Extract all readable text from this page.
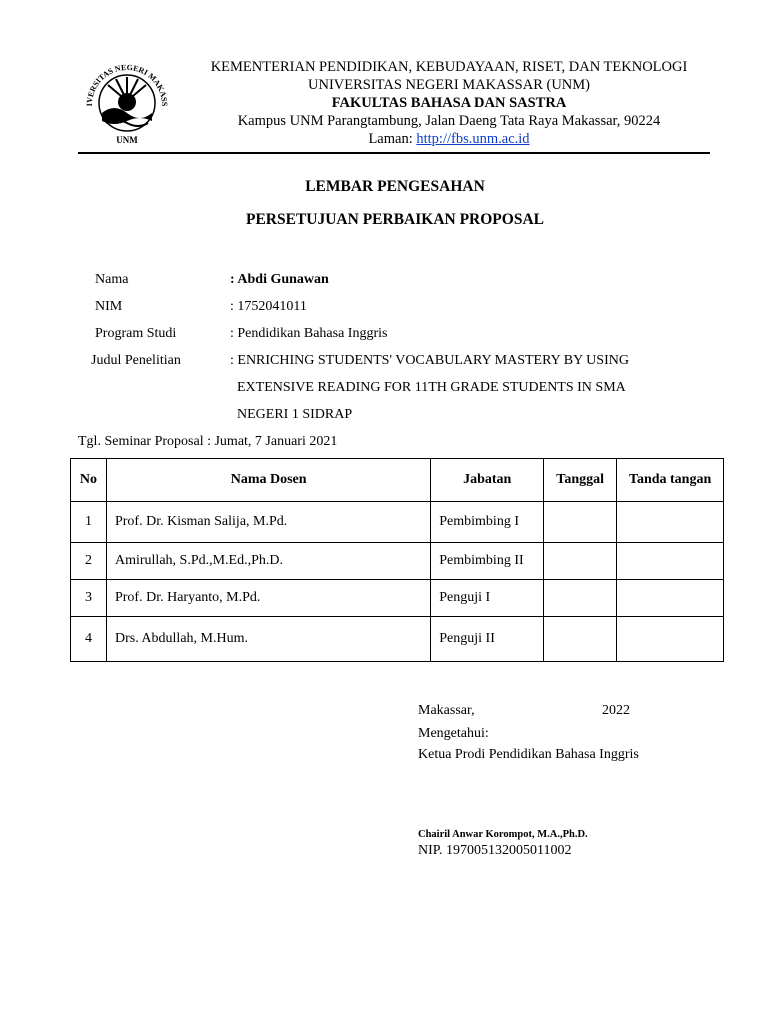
IVERSITAS NEGERI MAKASS
UNM
KEMENTERIAN PENDIDIKAN, KEBUDAYAAN, RISET, DAN TEKNOLOGI
UNIVERSITAS NEGERI MAKASSAR (UNM)
FAKULTAS BAHASA DAN SASTRA
Kampus UNM Parangtambung, Jalan Daeng Tata Raya Makassar, 90224
Laman: http://fbs.unm.ac.id
LEMBAR PENGESAHAN
PERSETUJUAN PERBAIKAN PROPOSAL
Nama	: Abdi Gunawan
NIM	: 1752041011
Program Studi	: Pendidikan Bahasa Inggris
Judul Penelitian	: ENRICHING STUDENTS' VOCABULARY MASTERY BY USING
EXTENSIVE READING FOR 11TH GRADE STUDENTS IN SMA
NEGERI 1 SIDRAP
Tgl. Seminar Proposal : Jumat, 7 Januari 2021
No	Nama Dosen	Jabatan	Tanggal	Tanda tangan
1	Prof. Dr. Kisman Salija, M.Pd.	Pembimbing I		
2	Amirullah, S.Pd.,M.Ed.,Ph.D.	Pembimbing II		
3	Prof. Dr. Haryanto, M.Pd.	Penguji I		
4	Drs. Abdullah, M.Hum.	Penguji II		
Makassar,	2022
Mengetahui:
Ketua Prodi Pendidikan Bahasa Inggris
Chairil Anwar Korompot, M.A.,Ph.D.
NIP. 197005132005011002
